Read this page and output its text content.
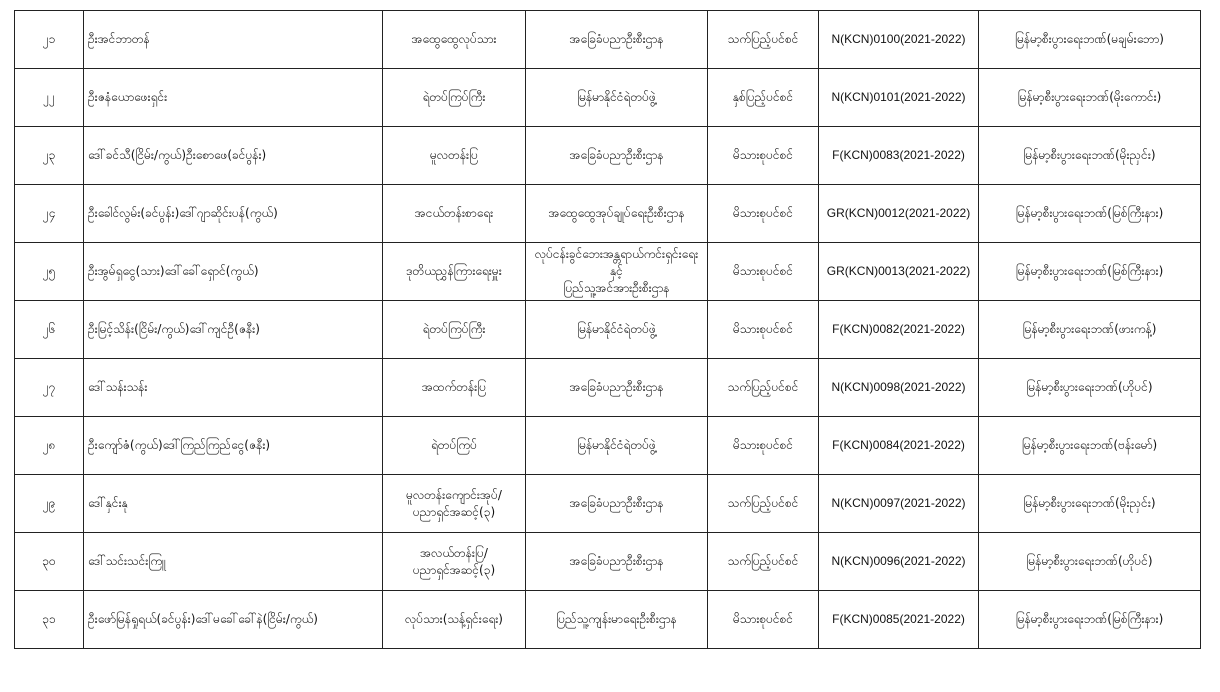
၂၁	ဦးအင်ဘာတန်	အထွေထွေလုပ်သား	အခြေခံပညာဦးစီးဌာန	သက်ပြည့်ပင်စင်	N(KCN)0100(2021-2022)	မြန်မာ့စီးပွားရေးဘဏ်(မချမ်းဘော)
၂၂	ဦးဇနံယောဖေးရှင်း	ရဲတပ်ကြပ်ကြီး	မြန်မာနိုင်ငံရဲတပ်ဖွဲ့	နှစ်ပြည့်ပင်စင်	N(KCN)0101(2021-2022)	မြန်မာ့စီးပွားရေးဘဏ်(မိုးကောင်း)
၂၃	ဒေါ်ခင်သီ(ငြိမ်း/ကွယ်)ဦးစောဖေ(ခင်ပွန်း)	မူလတန်းပြ	အခြေခံပညာဦးစီးဌာန	မိသားစုပင်စင်	F(KCN)0083(2021-2022)	မြန်မာ့စီးပွားရေးဘဏ်(မိုးညှင်း)
၂၄	ဦးခေါင်လွမ်း(ခင်ပွန်း)ဒေါ်ဂျာဆိုင်းပန်(ကွယ်)	အငယ်တန်းစာရေး	အထွေထွေအုပ်ချုပ်ရေးဦးစီးဌာန	မိသားစုပင်စင်	GR(KCN)0012(2021-2022)	မြန်မာ့စီးပွားရေးဘဏ်(မြစ်ကြီးနား)
၂၅	ဦးအွမ်ရှငွေ(သား)ဒေါ်ခေါ်ရှောင်(ကွယ်)	ဒုတိယညွှန်ကြားရေးမှူး	လုပ်ငန်းခွင်ဘေးအန္တရာယ်ကင်းရှင်းရေးနှင့်
ပြည်သူ့အင်အားဦးစီးဌာန	မိသားစုပင်စင်	GR(KCN)0013(2021-2022)	မြန်မာ့စီးပွားရေးဘဏ်(မြစ်ကြီးနား)
၂၆	ဦးမြင့်သိန်း(ငြိမ်း/ကွယ်)ဒေါ်ကျင်ဦ(ဇနီး)	ရဲတပ်ကြပ်ကြီး	မြန်မာနိုင်ငံရဲတပ်ဖွဲ့	မိသားစုပင်စင်	F(KCN)0082(2021-2022)	မြန်မာ့စီးပွားရေးဘဏ်(ဖားကန့်)
၂၇	ဒေါ်သန်းသန်း	အထက်တန်းပြ	အခြေခံပညာဦးစီးဌာန	သက်ပြည့်ပင်စင်	N(KCN)0098(2021-2022)	မြန်မာ့စီးပွားရေးဘဏ်(ဟိုပင်)
၂၈	ဦးကျော်ဇံ(ကွယ်)ဒေါ်ကြည်ကြည်ငွေ(ဇနီး)	ရဲတပ်ကြပ်	မြန်မာနိုင်ငံရဲတပ်ဖွဲ့	မိသားစုပင်စင်	F(KCN)0084(2021-2022)	မြန်မာ့စီးပွားရေးဘဏ်(ဗန်းမော်)
၂၉	ဒေါ်နှင်းနု	မူလတန်းကျောင်းအုပ်/
ပညာရှင်အဆင့်(၃)	အခြေခံပညာဦးစီးဌာန	သက်ပြည့်ပင်စင်	N(KCN)0097(2021-2022)	မြန်မာ့စီးပွားရေးဘဏ်(မိုးညှင်း)
၃၀	ဒေါ်သင်းသင်းကြူ	အလယ်တန်းပြ/
ပညာရှင်အဆင့်(၃)	အခြေခံပညာဦးစီးဌာန	သက်ပြည့်ပင်စင်	N(KCN)0096(2021-2022)	မြန်မာ့စီးပွားရေးဘဏ်(ဟိုပင်)
၃၁	ဦးဖော်မြန်ရှုရယ်(ခင်ပွန်း)ဒေါ်မခေါ်ခေါ်နဲ(ငြိမ်း/ကွယ်)	လုပ်သား(သန့်ရှင်းရေး)	ပြည်သူ့ကျန်းမာရေးဦးစီးဌာန	မိသားစုပင်စင်	F(KCN)0085(2021-2022)	မြန်မာ့စီးပွားရေးဘဏ်(မြစ်ကြီးနား)
